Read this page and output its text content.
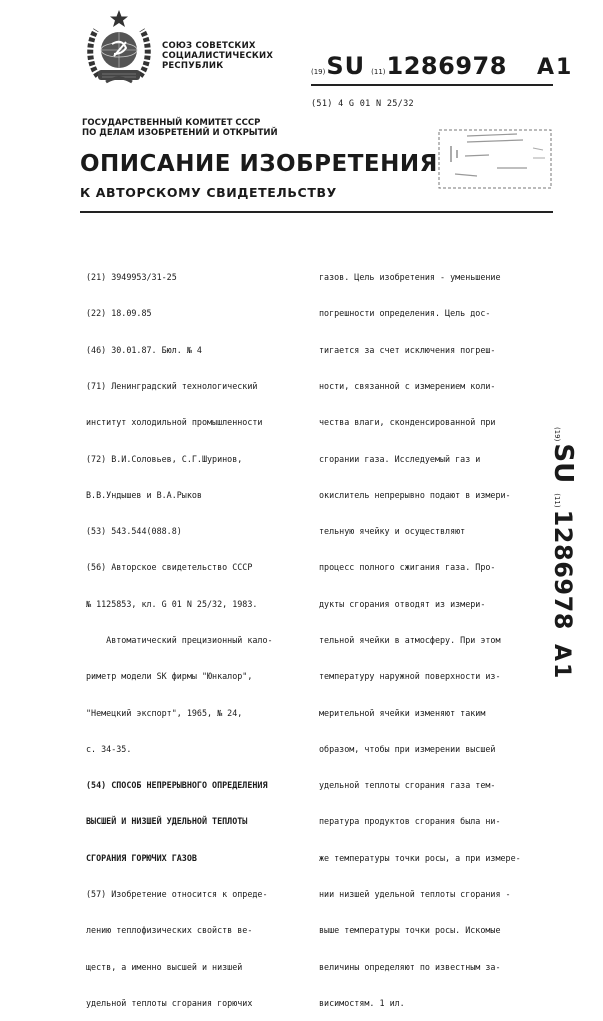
СОЮЗ СОВЕТСКИХ
СОЦИАЛИСТИЧЕСКИХ
РЕСПУБЛИК
(19) SU (11) 1286978 A1
(51) 4 G 01 N 25/32
ГОСУДАРСТВЕННЫЙ КОМИТЕТ СССР
ПО ДЕЛАМ ИЗОБРЕТЕНИЙ И ОТКРЫТИЙ
ОПИСАНИЕ ИЗОБРЕТЕНИЯ
К АВТОРСКОМУ СВИДЕТЕЛЬСТВУ

(21) 3949953/31-25

(22) 18.09.85

(46) 30.01.87. Бюл. № 4

(71) Ленинградский технологический

институт холодильной промышленности

(72) В.И.Соловьев, С.Г.Шуринов,

В.В.Ундышев и В.А.Рыков

(53) 543.544(088.8)

(56) Авторское свидетельство СССР

№ 1125853, кл. G 01 N 25/32, 1983.

Автоматический прецизионный кало-

риметр модели SK фирмы "Юнкалор",

"Немецкий экспорт", 1965, № 24,

с. 34-35.

(54) СПОСОБ НЕПРЕРЫВНОГО ОПРЕДЕЛЕНИЯ

ВЫСШЕЙ И НИЗШЕЙ УДЕЛЬНОЙ ТЕПЛОТЫ

СГОРАНИЯ ГОРЮЧИХ ГАЗОВ

(57) Изобретение относится к опреде-

лению теплофизических свойств ве-

ществ, а именно высшей и низшей

удельной теплоты сгорания горючих

газов. Цель изобретения - уменьшение

погрешности определения. Цель дос-

тигается за счет исключения погреш-

ности, связанной с измерением коли-

чества влаги, сконденсированной при

сгорании газа. Исследуемый газ и

окислитель непрерывно подают в измери-

тельную ячейку и осуществляют

процесс полного сжигания газа. Про-

дукты сгорания отводят из измери-

тельной ячейки в атмосферу. При этом

температуру наружной поверхности из-

мерительной ячейки изменяют таким

образом, чтобы при измерении высшей

удельной теплоты сгорания газа тем-

пература продуктов сгорания была ни-

же температуры точки росы, а при измере-

нии низшей удельной теплоты сгорания -

выше температуры точки росы. Искомые

величины определяют по известным за-

висимостям. 1 ил.

(19)
SU
(11)
1286978
A1
